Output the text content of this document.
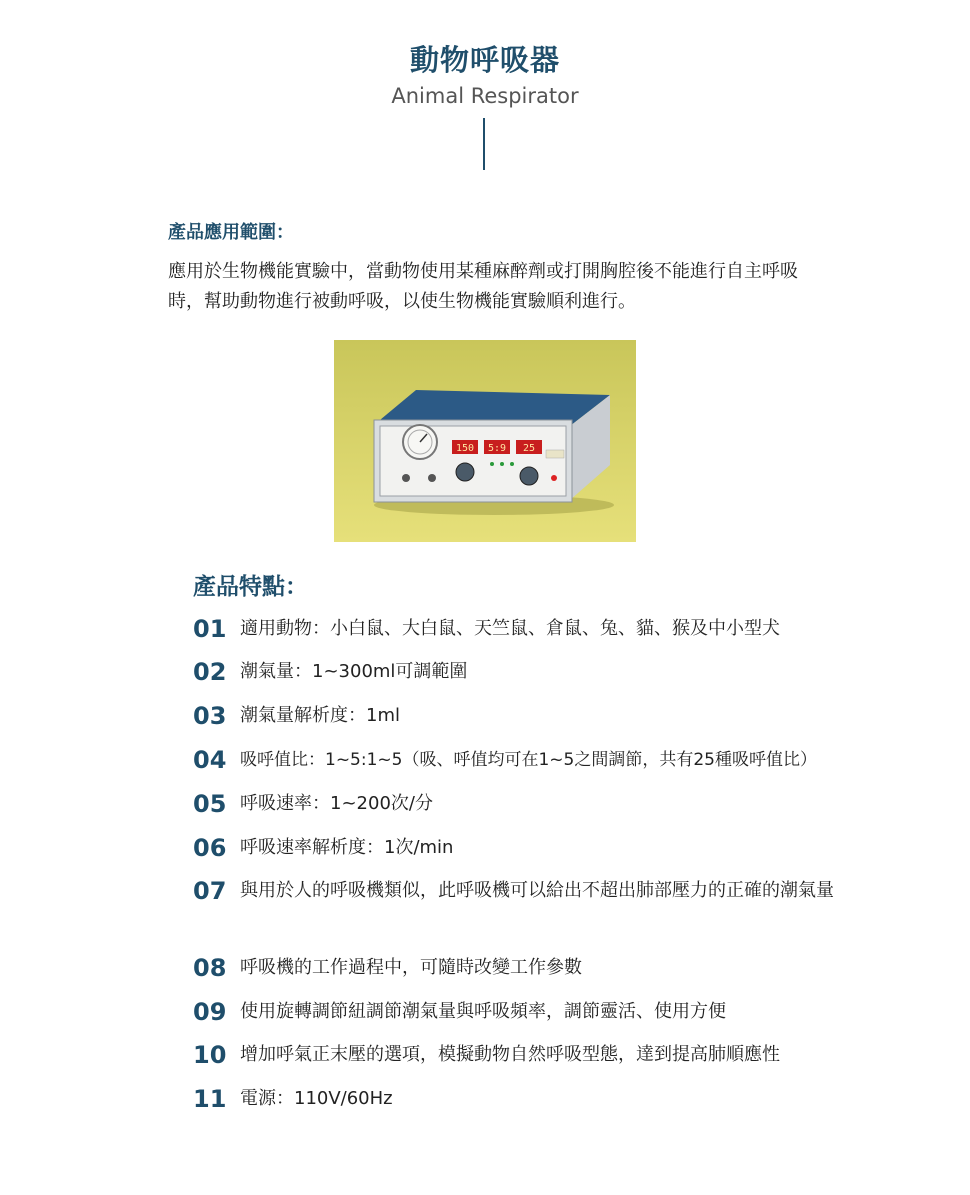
動物呼吸器
Animal Respirator
產品應用範圍：
應用於生物機能實驗中，當動物使用某種麻醉劑或打開胸腔後不能進行自主呼吸時，幫助動物進行被動呼吸，以使生物機能實驗順利進行。
150 5:9 25
產品特點：
01 適用動物：小白鼠、大白鼠、天竺鼠、倉鼠、兔、貓、猴及中小型犬
02 潮氣量：1~300ml可調範圍
03 潮氣量解析度：1ml
04 吸呼值比：1~5:1~5（吸、呼值均可在1~5之間調節，共有25種吸呼值比）
05 呼吸速率：1~200次/分
06 呼吸速率解析度：1次/min
07 與用於人的呼吸機類似，此呼吸機可以給出不超出肺部壓力的正確的潮氣量
08 呼吸機的工作過程中，可隨時改變工作參數
09 使用旋轉調節紐調節潮氣量與呼吸頻率，調節靈活、使用方便
10 增加呼氣正末壓的選項，模擬動物自然呼吸型態，達到提高肺順應性
11 電源：110V/60Hz
